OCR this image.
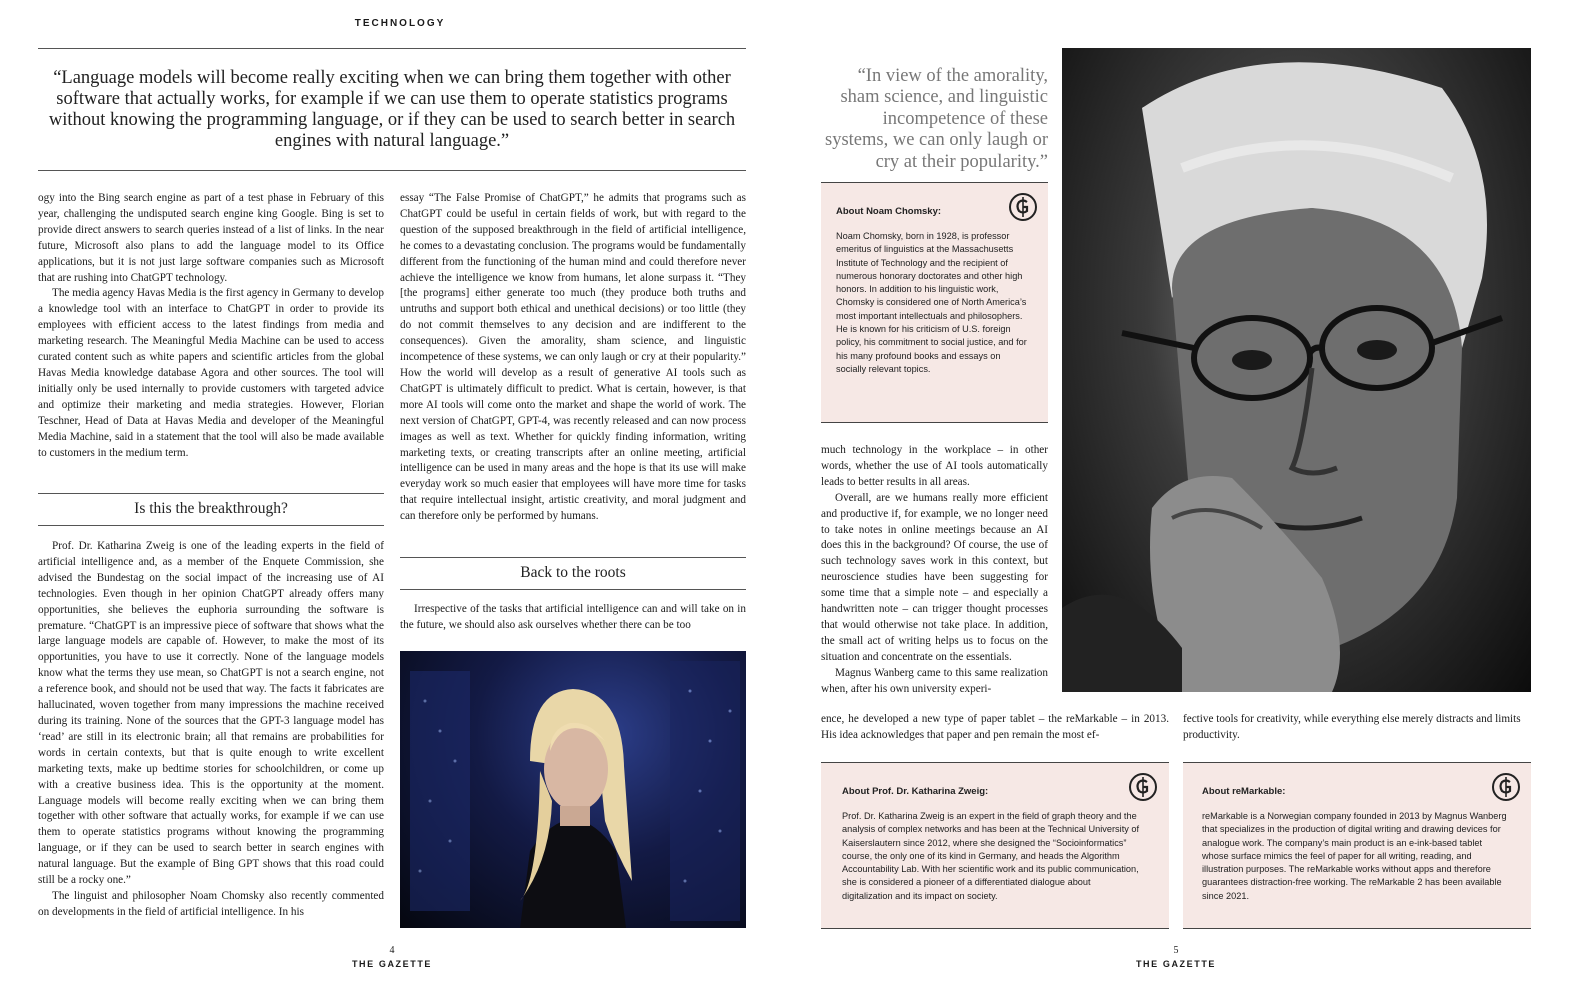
TECHNOLOGY
“Language models will become really exciting when we can bring them together with other software that actually works, for example if we can use them to operate statistics programs without knowing the programming language, or if they can be used to search better in search engines with natural language.”

ogy into the Bing search engine as part of a test phase in February of this year, challenging the undisputed search engine king Google. Bing is set to provide direct answers to search queries instead of a list of links. In the near future, Microsoft also plans to add the language model to its Office applications, but it is not just large software companies such as Microsoft that are rushing into ChatGPT technology.

The media agency Havas Media is the first agency in Germany to develop a knowledge tool with an interface to ChatGPT in order to provide its employees with efficient access to the latest findings from media and marketing research. The Meaningful Media Machine can be used to access curated content such as white papers and scientific articles from the global Havas Media knowledge database Agora and other sources. The tool will initially only be used internally to provide customers with targeted advice and optimize their marketing and media strategies. However, Florian Teschner, Head of Data at Havas Media and developer of the Meaningful Media Machine, said in a statement that the tool will also be made available to customers in the medium term.

Is this the breakthrough?

Prof. Dr. Katharina Zweig is one of the leading experts in the field of artificial intelligence and, as a member of the Enquete Commission, she advised the Bundestag on the social impact of the increasing use of AI technologies. Even though in her opinion ChatGPT already offers many opportunities, she believes the euphoria surrounding the software is premature. “ChatGPT is an impressive piece of software that shows what the large language models are capable of. However, to make the most of its opportunities, you have to use it correctly. None of the language models know what the terms they use mean, so ChatGPT is not a search engine, not a reference book, and should not be used that way. The facts it fabricates are hallucinated, woven together from many impressions the machine received during its training. None of the sources that the GPT-3 language model has ‘read’ are still in its electronic brain; all that remains are probabilities for words in certain contexts, but that is quite enough to write excellent marketing texts, make up bedtime stories for schoolchildren, or come up with a creative business idea. This is the opportunity at the moment. Language models will become really exciting when we can bring them together with other software that actually works, for example if we can use them to operate statistics programs without knowing the programming language, or if they can be used to search better in search engines with natural language. But the example of Bing GPT shows that this road could still be a rocky one.”

The linguist and philosopher Noam Chomsky also recently commented on developments in the field of artificial intelligence. In his

essay “The False Promise of ChatGPT,” he admits that programs such as ChatGPT could be useful in certain fields of work, but with regard to the question of the supposed breakthrough in the field of artificial intelligence, he comes to a devastating conclusion. The programs would be fundamentally different from the functioning of the human mind and could therefore never achieve the intelligence we know from humans, let alone surpass it. “They [the programs] either generate too much (they produce both truths and untruths and support both ethical and unethical decisions) or too little (they do not commit themselves to any decision and are indifferent to the consequences). Given the amorality, sham science, and linguistic incompetence of these systems, we can only laugh or cry at their popularity.” How the world will develop as a result of generative AI tools such as ChatGPT is ultimately difficult to predict. What is certain, however, is that more AI tools will come onto the market and shape the world of work. The next version of ChatGPT, GPT-4, was recently released and can now process images as well as text. Whether for quickly finding information, writing marketing texts, or creating transcripts after an online meeting, artificial intelligence can be used in many areas and the hope is that its use will make everyday work so much easier that employees will have more time for tasks that require intellectual insight, artistic creativity, and moral judgment and can therefore only be performed by humans.

Back to the roots

Irrespective of the tasks that artificial intelligence can and will take on in the future, we should also ask ourselves whether there can be too

4
THE GAZETTE
“In view of the amorality, sham science, and linguistic incompetence of these systems, we can only laugh or cry at their popularity.”
About Noam Chomsky:
Noam Chomsky, born in 1928, is professor emeritus of linguistics at the Massachusetts Institute of Technology and the recipient of numerous honorary doctorates and other high honors. In addition to his linguistic work, Chomsky is considered one of North America’s most important intellectuals and philosophers. He is known for his criticism of U.S. foreign policy, his commitment to social justice, and for his many profound books and essays on socially relevant topics.

much technology in the workplace – in other words, whether the use of AI tools automatically leads to better results in all areas.

Overall, are we humans really more efficient and productive if, for example, we no longer need to take notes in online meetings because an AI does this in the background? Of course, the use of such technology saves work in this context, but neuroscience studies have been suggesting for some time that a simple note – and especially a handwritten note – can trigger thought processes that would otherwise not take place. In addition, the small act of writing helps us to focus on the situation and concentrate on the essentials.

Magnus Wanberg came to this same realization when, after his own university experi-

ence, he developed a new type of paper tablet – the reMarkable – in 2013. His idea acknowledges that paper and pen remain the most ef-

fective tools for creativity, while everything else merely distracts and limits productivity.

About Prof. Dr. Katharina Zweig:
Prof. Dr. Katharina Zweig is an expert in the field of graph theory and the analysis of complex networks and has been at the Technical University of Kaiserslautern since 2012, where she designed the “Socioinformatics” course, the only one of its kind in Germany, and heads the Algorithm Accountability Lab. With her scientific work and its public communication, she is considered a pioneer of a differentiated dialogue about digitalization and its impact on society.
About reMarkable:
reMarkable is a Norwegian company founded in 2013 by Magnus Wanberg that specializes in the production of digital writing and drawing devices for analogue work. The company’s main product is an e-ink-based tablet whose surface mimics the feel of paper for all writing, reading, and illustration purposes. The reMarkable works without apps and therefore guarantees distraction-free working. The reMarkable 2 has been available since 2021.
5
THE GAZETTE
